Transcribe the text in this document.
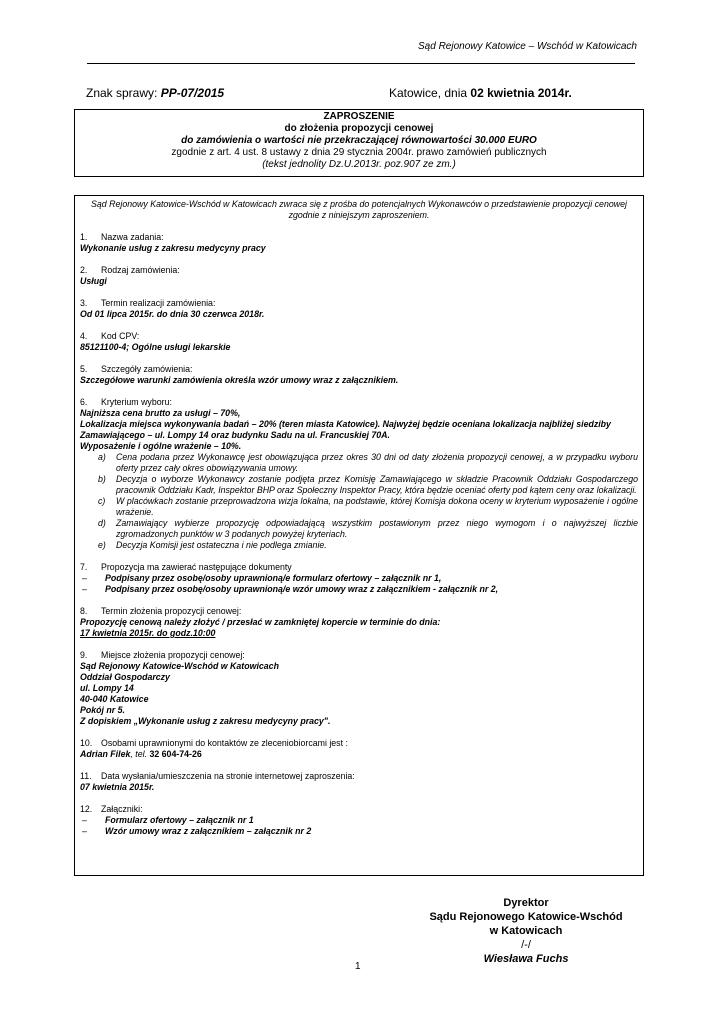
Sąd Rejonowy Katowice – Wschód w Katowicach
Znak sprawy: PP-07/2015	Katowice, dnia 02 kwietnia 2014r.
ZAPROSZENIE
do złożenia propozycji cenowej
do zamówienia o wartości nie przekraczającej równowartości 30.000 EURO
zgodnie z art. 4 ust. 8 ustawy z dnia 29 stycznia 2004r. prawo zamówień publicznych
(tekst jednolity Dz.U.2013r. poz.907 ze zm.)
Sąd Rejonowy Katowice-Wschód w Katowicach zwraca się z prośba do potencjalnych Wykonawców o przedstawienie propozycji cenowej zgodnie z niniejszym zaproszeniem.
1. Nazwa zadania:
Wykonanie usług z zakresu medycyny pracy
2. Rodzaj zamówienia:
Usługi
3. Termin realizacji zamówienia:
Od 01 lipca 2015r. do dnia 30 czerwca 2018r.
4. Kod CPV:
85121100-4; Ogólne usługi lekarskie
5. Szczegóły zamówienia:
Szczegółowe warunki zamówienia określa wzór umowy wraz z załącznikiem.
6. Kryterium wyboru:
Najniższa cena brutto za usługi – 70%,
Lokalizacja miejsca wykonywania badań – 20% (teren miasta Katowice). Najwyżej będzie oceniana lokalizacja najbliżej siedziby Zamawiającego – ul. Lompy 14 oraz budynku Sadu na ul. Francuskiej 70A.
Wyposażenie i ogólne wrażenie – 10%.
a) Cena podana przez Wykonawcę jest obowiązująca przez okres 30 dni od daty złożenia propozycji cenowej, a w przypadku wyboru oferty przez cały okres obowiązywania umowy.
b) Decyzja o wyborze Wykonawcy zostanie podjęta przez Komisję Zamawiającego w składzie Pracownik Oddziału Gospodarczego pracownik Oddziału Kadr, Inspektor BHP oraz Społeczny Inspektor Pracy, która będzie oceniać oferty pod kątem ceny oraz lokalizacji.
c) W placówkach zostanie przeprowadzona wizja lokalna, na podstawie, której Komisja dokona oceny w kryterium wyposażenie i ogólne wrażenie.
d) Zamawiający wybierze propozycję odpowiadającą wszystkim postawionym przez niego wymogom i o najwyższej liczbie zgromadzonych punktów w 3 podanych powyżej kryteriach.
e) Decyzja Komisji jest ostateczna i nie podlega zmianie.
7. Propozycja ma zawierać następujące dokumenty
– Podpisany przez osobę/osoby uprawnioną/e formularz ofertowy – załącznik nr 1,
– Podpisany przez osobę/osoby uprawnioną/e wzór umowy wraz z załącznikiem - załącznik nr 2,
8. Termin złożenia propozycji cenowej:
Propozycję cenową należy złożyć / przesłać w zamkniętej kopercie w terminie do dnia:
17 kwietnia 2015r. do godz.10:00
9. Miejsce złożenia propozycji cenowej:
Sąd Rejonowy Katowice-Wschód w Katowicach
Oddział Gospodarczy
ul. Lompy 14
40-040 Katowice
Pokój nr 5.
Z dopiskiem „Wykonanie usług z zakresu medycyny pracy".
10. Osobami uprawnionymi do kontaktów ze zleceniobiorcami jest :
Adrian Filek, tel. 32 604-74-26
11. Data wysłania/umieszczenia na stronie internetowej zaproszenia:
07 kwietnia 2015r.
12. Załączniki:
– Formularz ofertowy – załącznik nr 1
– Wzór umowy wraz z załącznikiem – załącznik nr 2
Dyrektor
Sądu Rejonowego Katowice-Wschód
w Katowicach
/-/
Wiesława Fuchs
1
